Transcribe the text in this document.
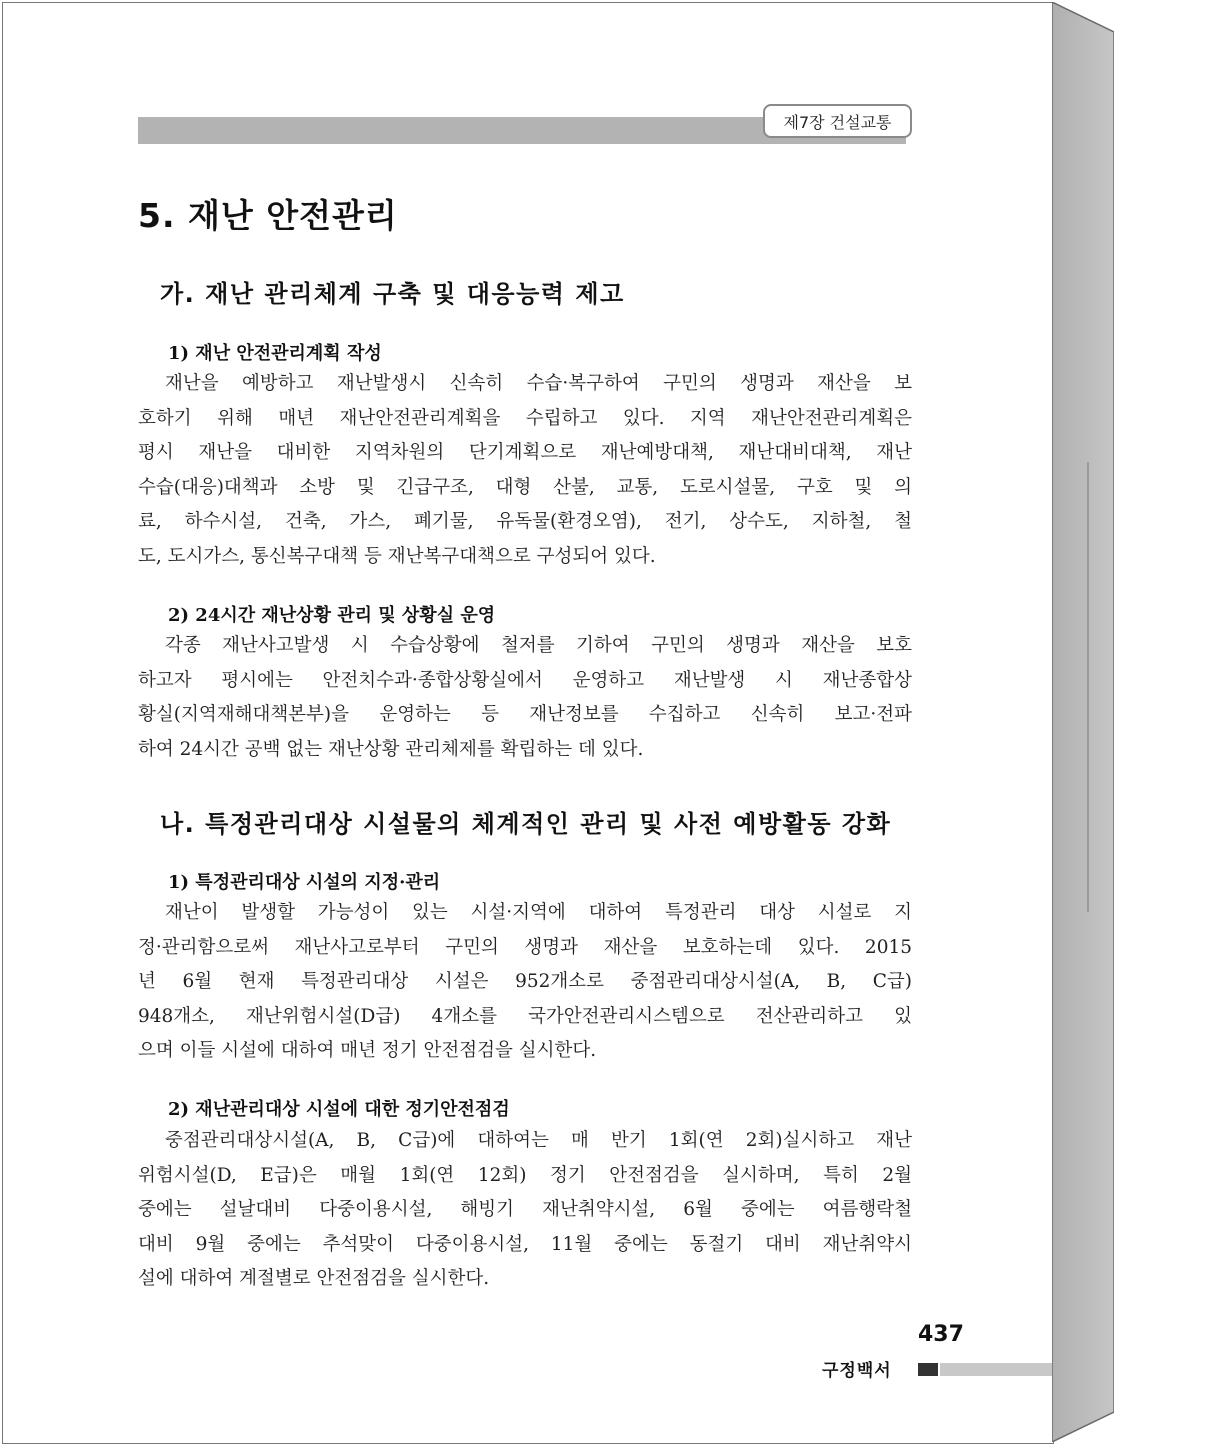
제7장 건설교통
5. 재난 안전관리
가. 재난 관리체계 구축 및 대응능력 제고
1) 재난 안전관리계획 작성

재난을 예방하고 재난발생시 신속히 수습·복구하여 구민의 생명과 재산을 보
호하기 위해 매년 재난안전관리계획을 수립하고 있다. 지역 재난안전관리계획은
평시 재난을 대비한 지역차원의 단기계획으로 재난예방대책, 재난대비대책, 재난
수습(대응)대책과 소방 및 긴급구조, 대형 산불, 교통, 도로시설물, 구호 및 의
료, 하수시설, 건축, 가스, 폐기물, 유독물(환경오염), 전기, 상수도, 지하철, 철
도, 도시가스, 통신복구대책 등 재난복구대책으로 구성되어 있다.

2) 24시간 재난상황 관리 및 상황실 운영

각종 재난사고발생 시 수습상황에 철저를 기하여 구민의 생명과 재산을 보호
하고자 평시에는 안전치수과·종합상황실에서 운영하고 재난발생 시 재난종합상
황실(지역재해대책본부)을 운영하는 등 재난정보를 수집하고 신속히 보고·전파
하여 24시간 공백 없는 재난상황 관리체제를 확립하는 데 있다.

나. 특정관리대상 시설물의 체계적인 관리 및 사전 예방활동 강화
1) 특정관리대상 시설의 지정·관리

재난이 발생할 가능성이 있는 시설·지역에 대하여 특정관리 대상 시설로 지
정·관리함으로써 재난사고로부터 구민의 생명과 재산을 보호하는데 있다. 2015
년 6월 현재 특정관리대상 시설은 952개소로 중점관리대상시설(A, B, C급)
948개소, 재난위험시설(D급) 4개소를 국가안전관리시스템으로 전산관리하고 있
으며 이들 시설에 대하여 매년 정기 안전점검을 실시한다.

2) 재난관리대상 시설에 대한 정기안전점검

중점관리대상시설(A, B, C급)에 대하여는 매 반기 1회(연 2회)실시하고 재난
위험시설(D, E급)은 매월 1회(연 12회) 정기 안전점검을 실시하며, 특히 2월
중에는 설날대비 다중이용시설, 해빙기 재난취약시설, 6월 중에는 여름행락철
대비 9월 중에는 추석맞이 다중이용시설, 11월 중에는 동절기 대비 재난취약시
설에 대하여 계절별로 안전점검을 실시한다.

437
구정백서
